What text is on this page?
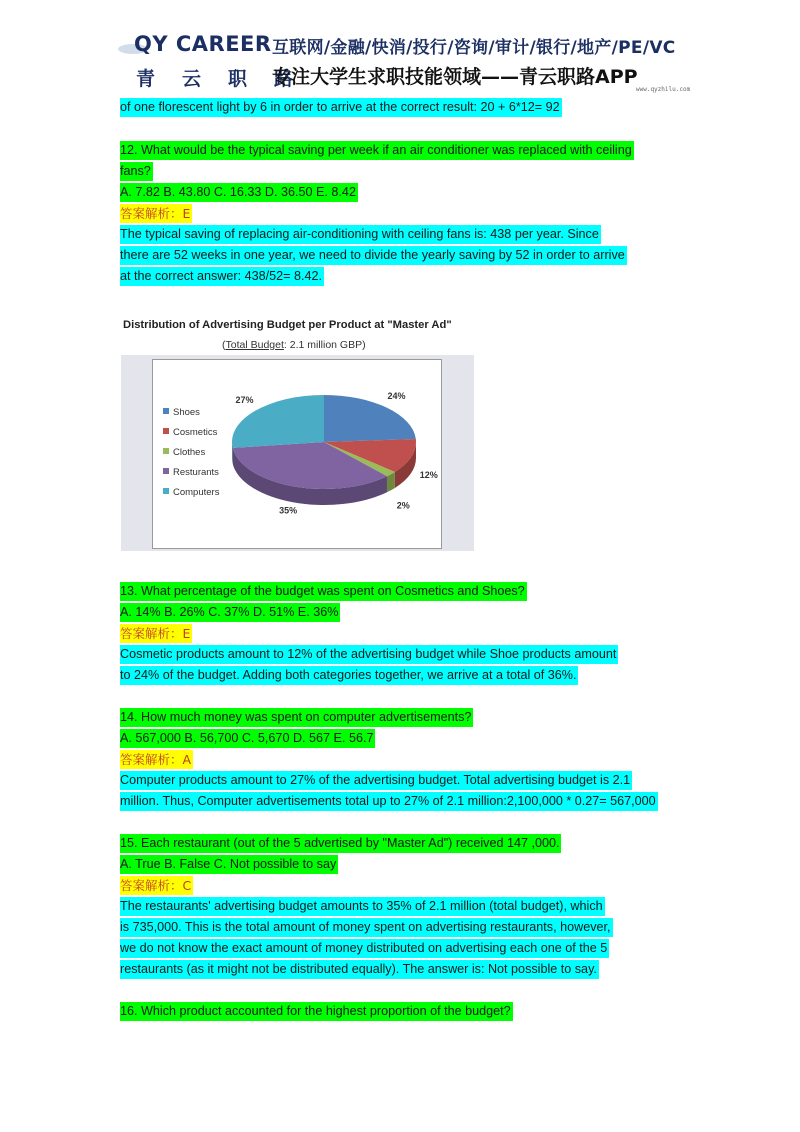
QY CAREER
青云职路
互联网/金融/快消/投行/咨询/审计/银行/地产/PE/VC
专注大学生求职技能领域——青云职路APP
www.qyzhilu.com
of one florescent light by 6 in order to arrive at the correct result: 20 + 6*12= 92
12. What would be the typical saving per week if an air conditioner was replaced with ceiling
fans?
A. 7.82 B. 43.80 C. 16.33 D. 36.50 E. 8.42
答案解析：E
The typical saving of replacing air-conditioning with ceiling fans is: 438 per year. Since
there are 52 weeks in one year, we need to divide the yearly saving by 52 in order to arrive
at the correct answer: 438/52= 8.42.
Distribution of Advertising Budget per Product at "Master Ad"
(Total Budget: 2.1 million GBP)
24%
12%
2%
35%
27%
Shoes
Cosmetics
Clothes
Resturants
Computers
13. What percentage of the budget was spent on Cosmetics and Shoes?
A. 14% B. 26% C. 37% D. 51% E. 36%
答案解析：E
Cosmetic products amount to 12% of the advertising budget while Shoe products amount
to 24% of the budget. Adding both categories together, we arrive at a total of 36%.
14. How much money was spent on computer advertisements?
A. 567,000 B. 56,700 C. 5,670 D. 567 E. 56.7
答案解析：A
Computer products amount to 27% of the advertising budget. Total advertising budget is 2.1
million. Thus, Computer advertisements total up to 27% of 2.1 million:2,100,000 * 0.27= 567,000
15. Each restaurant (out of the 5 advertised by "Master Ad") received 147 ,000.
A. True B. False C. Not possible to say
答案解析：C
The restaurants' advertising budget amounts to 35% of 2.1 million (total budget), which
is 735,000. This is the total amount of money spent on advertising restaurants, however,
we do not know the exact amount of money distributed on advertising each one of the 5
restaurants (as it might not be distributed equally). The answer is: Not possible to say.
16. Which product accounted for the highest proportion of the budget?
